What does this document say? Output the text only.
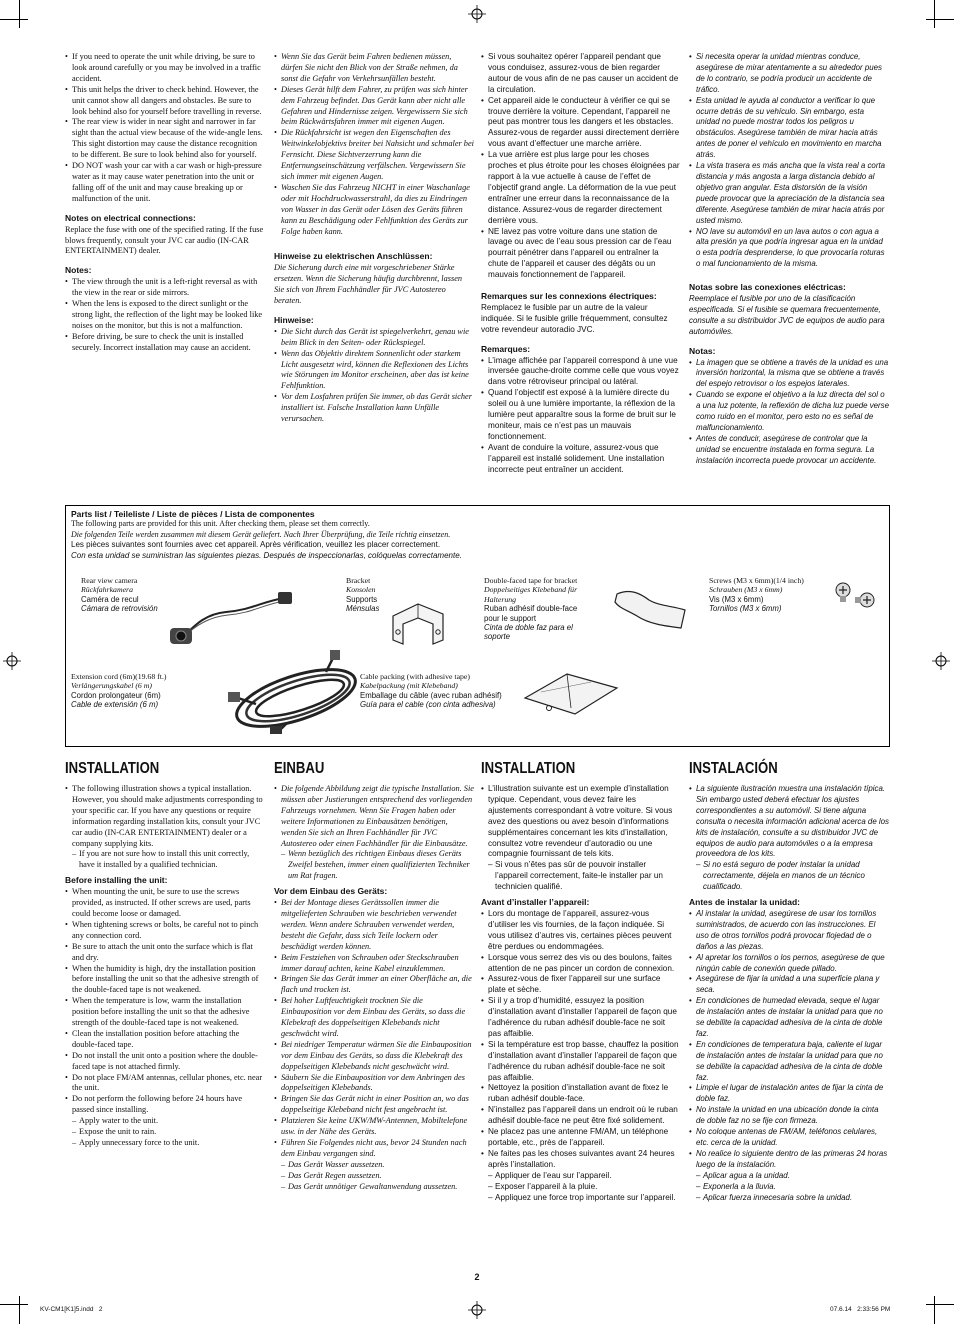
• If you need to operate the unit while driving, be sure to look around carefully or you may be involved in a traffic accident.
• This unit helps the driver to check behind. However, the unit cannot show all dangers and obstacles. Be sure to look behind also for yourself before travelling in reverse.
• The rear view is wider in near sight and narrower in far sight than the actual view because of the wide-angle lens. This sight distortion may cause the distance recognition to be different. Be sure to look behind also for yourself.
• DO NOT wash your car with a car wash or high-pressure water as it may cause water penetration into the unit or falling off of the unit and may cause breaking up or malfunction of the unit.
Notes on electrical connections:

Replace the fuse with one of the specified rating. If the fuse blows frequently, consult your JVC car audio (IN-CAR ENTERTAINMENT) dealer.

Notes:
• The view through the unit is a left-right reversal as with the view in the rear or side mirrors.
• When the lens is exposed to the direct sunlight or the strong light, the reflection of the light may be looked like noises on the monitor, but this is not a malfunction.
• Before driving, be sure to check the unit is installed securely. Incorrect installation may cause an accident.
• Wenn Sie das Gerät beim Fahren bedienen müssen, dürfen Sie nicht den Blick von der Straße nehmen, da sonst die Gefahr von Verkehrsunfällen besteht.
• Dieses Gerät hilft dem Fahrer, zu prüfen was sich hinter dem Fahrzeug befindet. Das Gerät kann aber nicht alle Gefahren und Hindernisse zeigen. Vergewissern Sie sich beim Rückwärtsfahren immer mit eigenen Augen.
• Die Rückfahrsicht ist wegen den Eigenschaften des Weitwinkelobjektivs breiter bei Nahsicht und schmaler bei Fernsicht. Diese Sichtverzerrung kann die Entfernungseinschätzung verfälschen. Vergewissern Sie sich immer mit eigenen Augen.
• Waschen Sie das Fahrzeug NICHT in einer Waschanlage oder mit Hochdruckwasserstrahl, da dies zu Eindringen von Wasser in das Gerät oder Lösen des Geräts führen kann zu Beschädigung oder Fehlfunktion des Geräts zur Folge haben kann.
Hinweise zu elektrischen Anschlüssen:

Die Sicherung durch eine mit vorgeschriebener Stärke ersetzen. Wenn die Sicherung häufig durchbrennt, lassen Sie sich von Ihrem Fachhändler für JVC Autostereo beraten.

Hinweise:
• Die Sicht durch das Gerät ist spiegelverkehrt, genau wie beim Blick in den Seiten- oder Rückspiegel.
• Wenn das Objektiv direktem Sonnenlicht oder starkem Licht ausgesetzt wird, können die Reflexionen des Lichts wie Störungen im Monitor erscheinen, aber das ist keine Fehlfunktion.
• Vor dem Losfahren prüfen Sie immer, ob das Gerät sicher installiert ist. Falsche Installation kann Unfälle verursachen.
• Si vous souhaitez opérer l’appareil pendant que vous conduisez, assurez-vous de bien regarder autour de vous afin de ne pas causer un accident de la circulation.
• Cet appareil aide le conducteur à vérifier ce qui se trouve derrière la voiture. Cependant, l’appareil ne peut pas montrer tous les dangers et les obstacles. Assurez-vous de regarder aussi directement derrière vous avant d’effectuer une marche arrière.
• La vue arrière est plus large pour les choses proches et plus étroite pour les choses éloignées par rapport à la vue actuelle à cause de l’effet de l’objectif grand angle. La déformation de la vue peut entraîner une erreur dans la reconnaissance de la distance. Assurez-vous de regarder directement derrière vous.
• NE lavez pas votre voiture dans une station de lavage ou avec de l’eau sous pression car de l’eau pourrait pénétrer dans l’appareil ou entraîner la chute de l’appareil et causer des dégâts ou un mauvais fonctionnement de l’appareil.
Remarques sur les connexions électriques:

Remplacez le fusible par un autre de la valeur indiquée. Si le fusible grille fréquemment, consultez votre revendeur autoradio JVC.

Remarques:
• L’image affichée par l’appareil correspond à une vue inversée gauche-droite comme celle que vous voyez dans votre rétroviseur principal ou latéral.
• Quand l’objectif est exposé à la lumière directe du soleil ou à une lumière importante, la réflexion de la lumière peut apparaître sous la forme de bruit sur le moniteur, mais ce n’est pas un mauvais fonctionnement.
• Avant de conduire la voiture, assurez-vous que l’appareil est installé solidement. Une installation incorrecte peut entraîner un accident.
• Si necesita operar la unidad mientras conduce, asegúrese de mirar atentamente a su alrededor pues de lo contrario, se podría producir un accidente de tráfico.
• Esta unidad le ayuda al conductor a verificar lo que ocurre detrás de su vehículo. Sin embargo, esta unidad no puede mostrar todos los peligros u obstáculos. Asegúrese también de mirar hacia atrás antes de poner el vehículo en movimiento en marcha atrás.
• La vista trasera es más ancha que la vista real a corta distancia y más angosta a larga distancia debido al objetivo gran angular. Esta distorsión de la visión puede provocar que la apreciación de la distancia sea diferente. Asegúrese también de mirar hacia atrás por usted mismo.
• NO lave su automóvil en un lava autos o con agua a alta presión ya que podría ingresar agua en la unidad o esta podría desprenderse, lo que provocaría roturas o mal funcionamiento de la misma.
Notas sobre las conexiones eléctricas:

Reemplace el fusible por uno de la clasificación especificada. Si el fusible se quemara frecuentemente, consulte a su distribuidor JVC de equipos de audio para automóviles.

Notas:
• La imagen que se obtiene a través de la unidad es una inversión horizontal, la misma que se obtiene a través del espejo retrovisor o los espejos laterales.
• Cuando se expone el objetivo a la luz directa del sol o a una luz potente, la reflexión de dicha luz puede verse como ruido en el monitor, pero esto no es señal de malfuncionamiento.
• Antes de conducir, asegúrese de controlar que la unidad se encuentre instalada en forma segura. La instalación incorrecta puede provocar un accidente.
Parts list / Teileliste / Liste de pièces / Lista de componentes
The following parts are provided for this unit. After checking them, please set them correctly.
Die folgenden Teile werden zusammen mit diesem Gerät geliefert. Nach Ihrer Überprüfung, die Teile richtig einsetzen.
Les pièces suivantes sont fournies avec cet appareil. Après vérification, veuillez les placer correctement.
Con esta unidad se suministran las siguientes piezas. Después de inspeccionarlas, colóquelas correctamente.
Rear view camera
Rückfahrkamera
Caméra de recul
Cámara de retrovisión
Bracket
Konsolen
Supports
Ménsulas
Double-faced tape for bracket
Doppelseitiges Klebeband für Halterung
Ruban adhésif double-face pour le support
Cinta de doble faz para el soporte
Screws (M3 x 6mm)(1/4 inch)
Schrauben (M3 x 6mm)
Vis (M3 x 6mm)
Tornillos (M3 x 6mm)
Extension cord (6m)(19.68 ft.)
Verlängerungskabel (6 m)
Cordon prolongateur (6m)
Cable de extensión (6 m)
Cable packing (with adhesive tape)
Kabelpackung (mit Klebeband)
Emballage du câble (avec ruban adhésif)
Guía para el cable (con cinta adhesiva)
INSTALLATION
• The following illustration shows a typical installation. However, you should make adjustments corresponding to your specific car. If you have any questions or require information regarding installation kits, consult your JVC car audio (IN-CAR ENTERTAINMENT) dealer or a company supplying kits.
– If you are not sure how to install this unit correctly, have it installed by a qualified technician.
Before installing the unit:
• When mounting the unit, be sure to use the screws provided, as instructed. If other screws are used, parts could become loose or damaged.
• When tightening screws or bolts, be careful not to pinch any connection cord.
• Be sure to attach the unit onto the surface which is flat and dry.
• When the humidity is high, dry the installation position before installing the unit so that the adhesive strength of the double-faced tape is not weakened.
• When the temperature is low, warm the installation position before installing the unit so that the adhesive strength of the double-faced tape is not weakened.
• Clean the installation position before attaching the double-faced tape.
• Do not install the unit onto a position where the double-faced tape is not attached firmly.
• Do not place FM/AM antennas, cellular phones, etc. near the unit.
• Do not perform the following before 24 hours have passed since installing.
– Apply water to the unit.
– Expose the unit to rain.
– Apply unnecessary force to the unit.
EINBAU
• Die folgende Abbildung zeigt die typische Installation. Sie müssen aber Justierungen entsprechend des vorliegenden Fahrzeugs vornehmen. Wenn Sie Fragen haben oder weitere Informationen zu Einbausätzen benötigen, wenden Sie sich an Ihren Fachhändler für JVC Autostereo oder einen Fachhändler für die Einbausätze.
– Wenn bezüglich des richtigen Einbaus dieses Geräts Zweifel bestehen, immer einen qualifizierten Techniker um Rat fragen.
Vor dem Einbau des Geräts:
• Bei der Montage dieses Gerätssollen immer die mitgelieferten Schrauben wie beschrieben verwendet werden. Wenn andere Schrauben verwendet werden, besteht die Gefahr, dass sich Teile lockern oder beschädigt werden können.
• Beim Festziehen von Schrauben oder Steckschrauben immer darauf achten, keine Kabel einzuklemmen.
• Bringen Sie das Gerät immer an einer Oberfläche an, die flach und trocken ist.
• Bei hoher Luftfeuchtigkeit trocknen Sie die Einbauposition vor dem Einbau des Geräts, so dass die Klebekraft des doppelseitigen Klebebands nicht geschwächt wird.
• Bei niedriger Temperatur wärmen Sie die Einbauposition vor dem Einbau des Geräts, so dass die Klebekraft des doppelseitigen Klebebands nicht geschwächt wird.
• Säubern Sie die Einbauposition vor dem Anbringen des doppelseitigen Klebebands.
• Bringen Sie das Gerät nicht in einer Position an, wo das doppelseitige Klebeband nicht fest angebracht ist.
• Platzieren Sie keine UKW/MW-Antennen, Mobiltelefone usw. in der Nähe des Geräts.
• Führen Sie Folgendes nicht aus, bevor 24 Stunden nach dem Einbau vergangen sind.
– Das Gerät Wasser aussetzen.
– Das Gerät Regen aussetzen.
– Das Gerät unnötiger Gewaltanwendung aussetzen.
INSTALLATION
• L’illustration suivante est un exemple d’installation typique. Cependant, vous devez faire les ajustements correspondant à votre voiture. Si vous avez des questions ou avez besoin d’informations supplémentaires concernant les kits d’installation, consultez votre revendeur d’autoradio ou une compagnie fournissant de tels kits.
– Si vous n’êtes pas sûr de pouvoir installer l’appareil correctement, faite-le installer par un technicien qualifié.
Avant d’installer l’appareil:
• Lors du montage de l’appareil, assurez-vous d’utiliser les vis fournies, de la façon indiquée. Si vous utilisez d’autres vis, certaines pièces peuvent être perdues ou endommagées.
• Lorsque vous serrez des vis ou des boulons, faites attention de ne pas pincer un cordon de connexion.
• Assurez-vous de fixer l’appareil sur une surface plate et sèche.
• Si il y a trop d’humidité, essuyez la position d’installation avant d’installer l’appareil de façon que l’adhérence du ruban adhésif double-face ne soit pas affaiblie.
• Si la température est trop basse, chauffez la position d’installation avant d’installer l’appareil de façon que l’adhérence du ruban adhésif double-face ne soit pas affaiblie.
• Nettoyez la position d’installation avant de fixez le ruban adhésif double-face.
• N’installez pas l’appareil dans un endroit où le ruban adhésif double-face ne peut être fixé solidement.
• Ne placez pas une antenne FM/AM, un téléphone portable, etc., près de l’appareil.
• Ne faites pas les choses suivantes avant 24 heures après l’installation.
– Appliquer de l’eau sur l’appareil.
– Exposer l’appareil à la pluie.
– Appliquez une force trop importante sur l’appareil.
INSTALACIÓN
• La siguiente ilustración muestra una instalación típica. Sin embargo usted deberá efectuar los ajustes correspondientes a su automóvil. Si tiene alguna consulta o necesita información adicional acerca de los kits de instalación, consulte a su distribuidor JVC de equipos de audio para automóviles o a la empresa proveedora de los kits.
– Si no está seguro de poder instalar la unidad correctamente, déjela en manos de un técnico cualificado.
Antes de instalar la unidad:
• Al instalar la unidad, asegúrese de usar los tornillos suministrados, de acuerdo con las instrucciones. El uso de otros tornillos podrá provocar flojedad de o daños a las piezas.
• Al apretar los tornillos o los pernos, asegúrese de que ningún cable de conexión quede pillado.
• Asegúrese de fijar la unidad a una superficie plana y seca.
• En condiciones de humedad elevada, seque el lugar de instalación antes de instalar la unidad para que no se debilite la capacidad adhesiva de la cinta de doble faz.
• En condiciones de temperatura baja, caliente el lugar de instalación antes de instalar la unidad para que no se debilite la capacidad adhesiva de la cinta de doble faz.
• Limpie el lugar de instalación antes de fijar la cinta de doble faz.
• No instale la unidad en una ubicación donde la cinta de doble faz no se fije con firmeza.
• No coloque antenas de FM/AM, teléfonos celulares, etc. cerca de la unidad.
• No realice lo siguiente dentro de las primeras 24 horas luego de la instalación.
– Aplicar agua a la unidad.
– Exponerla a la lluvia.
– Aplicar fuerza innecesaria sobre la unidad.
2
KV-CM1[K1]5.indd   2	07.6.14   2:33:56 PM
